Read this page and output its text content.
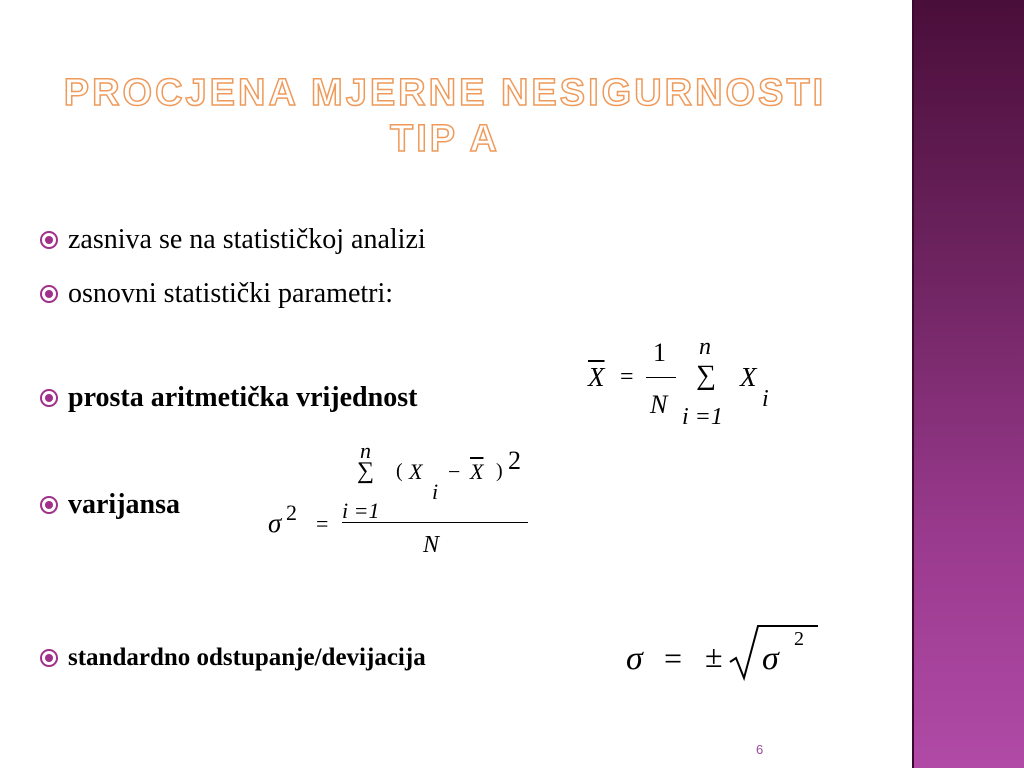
PROCJENA MJERNE NESIGURNOSTI
TIP A
zasniva se na statističkoj analizi
osnovni statistički parametri:
prosta aritmetička vrijednost
varijansa
standardno odstupanje/devijacija
$\overline{X}$ =
1
N
n
∑
i =1
X
i
σ 2 =
n
∑
i =1
( X
i
− $\overline{X}$ ) 2
N
σ = ± σ
2
6
